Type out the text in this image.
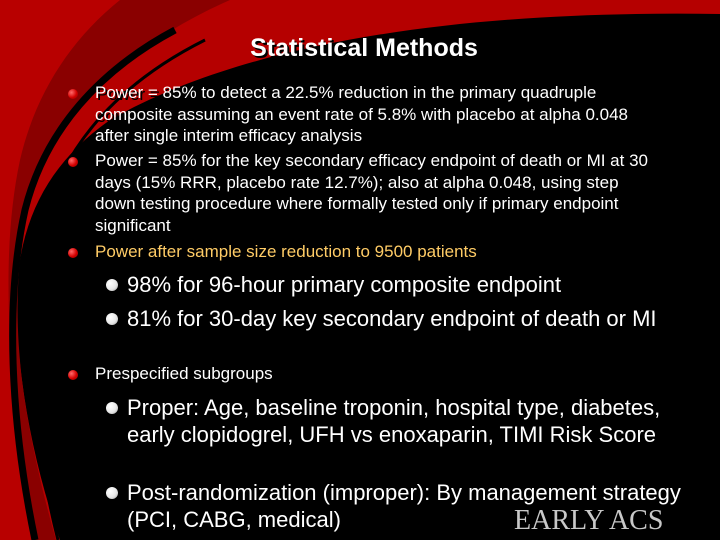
Statistical Methods
Power = 85% to detect a 22.5% reduction in the primary quadruple composite assuming an event rate of 5.8% with placebo at alpha 0.048 after single interim efficacy analysis
Power = 85% for the key secondary efficacy endpoint of death or MI at 30 days (15% RRR, placebo rate 12.7%); also at alpha 0.048, using step down testing procedure where formally tested only if primary endpoint significant
Power after sample size reduction to 9500 patients
98% for 96-hour primary composite endpoint
81% for 30-day key secondary endpoint of death or MI
Prespecified subgroups
Proper: Age, baseline troponin, hospital type, diabetes, early clopidogrel, UFH vs enoxaparin, TIMI Risk Score
Post-randomization (improper): By management strategy (PCI, CABG, medical)	EARLY ACS
